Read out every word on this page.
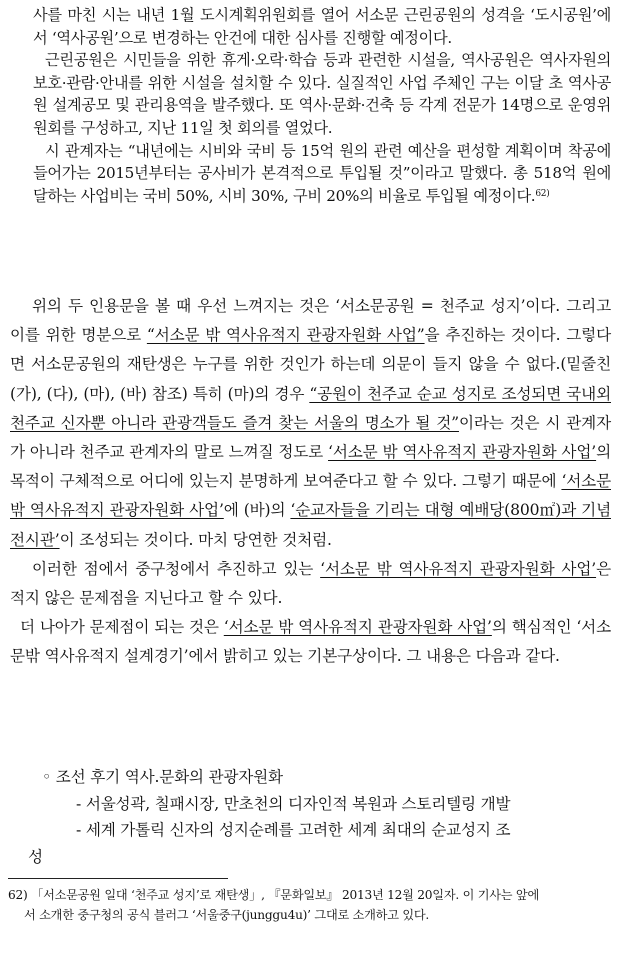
사를 마친 시는 내년 1월 도시계획위원회를 열어 서소문 근린공원의 성격을 ‘도시공원’에서 ‘역사공원’으로 변경하는 안건에 대한 심사를 진행할 예정이다.

근린공원은 시민들을 위한 휴게·오락·학습 등과 관련한 시설을, 역사공원은 역사자원의 보호·관람·안내를 위한 시설을 설치할 수 있다. 실질적인 사업 주체인 구는 이달 초 역사공원 설계공모 및 관리용역을 발주했다. 또 역사·문화·건축 등 각계 전문가 14명으로 운영위원회를 구성하고, 지난 11일 첫 회의를 열었다.

시 관계자는 “내년에는 시비와 국비 등 15억 원의 관련 예산을 편성할 계획이며 착공에 들어가는 2015년부터는 공사비가 본격적으로 투입될 것”이라고 말했다. 총 518억 원에 달하는 사업비는 국비 50%, 시비 30%, 구비 20%의 비율로 투입될 예정이다.$^{62)}$

위의 두 인용문을 볼 때 우선 느껴지는 것은 ‘서소문공원 = 천주교 성지’이다. 그리고 이를 위한 명분으로 “서소문 밖 역사유적지 관광자원화 사업”을 추진하는 것이다. 그렇다면 서소문공원의 재탄생은 누구를 위한 것인가 하는데 의문이 들지 않을 수 없다.(밑줄친 (가), (다), (마), (바) 참조) 특히 (마)의 경우 “공원이 천주교 순교 성지로 조성되면 국내외 천주교 신자뿐 아니라 관광객들도 즐겨 찾는 서울의 명소가 될 것”이라는 것은 시 관계자가 아니라 천주교 관계자의 말로 느껴질 정도로 ‘서소문 밖 역사유적지 관광자원화 사업’의 목적이 구체적으로 어디에 있는지 분명하게 보여준다고 할 수 있다. 그렇기 때문에 ‘서소문 밖 역사유적지 관광자원화 사업’에 (바)의 ‘순교자들을 기리는 대형 예배당(800㎡)과 기념전시관’이 조성되는 것이다. 마치 당연한 것처럼.

이러한 점에서 중구청에서 추진하고 있는 ‘서소문 밖 역사유적지 관광자원화 사업’은 적지 않은 문제점을 지닌다고 할 수 있다.

더 나아가 문제점이 되는 것은 ‘서소문 밖 역사유적지 관광자원화 사업’의 핵심적인 ‘서소문밖 역사유적지 설계경기’에서 밝히고 있는 기본구상이다. 그 내용은 다음과 같다.

◦ 조선 후기 역사.문화의 관광자원화
- 서울성곽, 칠패시장, 만초천의 디자인적 복원과 스토리텔링 개발
- 세계 가톨릭 신자의 성지순례를 고려한 세계 최대의 순교성지 조
성
62) 「서소문공원 일대 ‘천주교 성지’로 재탄생」, 『문화일보』 2013년 12월 20일자. 이 기사는 앞에
서 소개한 중구청의 공식 블러그 ‘서울중구(junggu4u)’ 그대로 소개하고 있다.
